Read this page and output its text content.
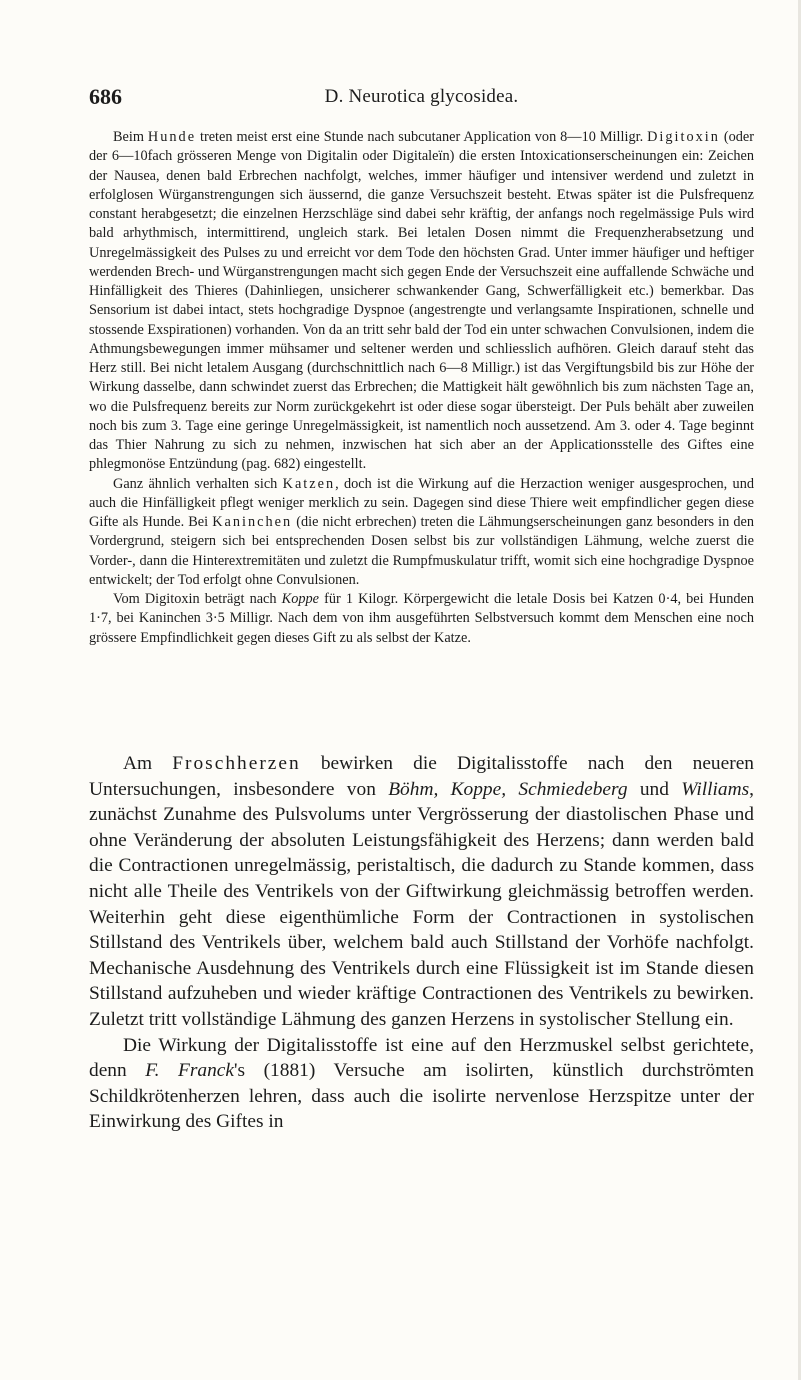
686	D. Neurotica glycosidea.

Beim Hunde treten meist erst eine Stunde nach subcutaner Application von 8—10 Milligr. Digitoxin (oder der 6—10fach grösseren Menge von Digitalin oder Digitaleïn) die ersten Intoxicationserscheinungen ein: Zeichen der Nausea, denen bald Erbrechen nachfolgt, welches, immer häufiger und intensiver werdend und zuletzt in erfolglosen Würganstrengungen sich äussernd, die ganze Versuchszeit besteht. Etwas später ist die Pulsfrequenz constant herabgesetzt; die einzelnen Herzschläge sind dabei sehr kräftig, der anfangs noch regelmässige Puls wird bald arhythmisch, intermittirend, ungleich stark. Bei letalen Dosen nimmt die Frequenzherabsetzung und Unregelmässigkeit des Pulses zu und erreicht vor dem Tode den höchsten Grad. Unter immer häufiger und heftiger werdenden Brech- und Würganstrengungen macht sich gegen Ende der Versuchszeit eine auffallende Schwäche und Hinfälligkeit des Thieres (Dahinliegen, unsicherer schwankender Gang, Schwerfälligkeit etc.) bemerkbar. Das Sensorium ist dabei intact, stets hochgradige Dyspnoe (angestrengte und verlangsamte Inspirationen, schnelle und stossende Exspirationen) vorhanden. Von da an tritt sehr bald der Tod ein unter schwachen Convulsionen, indem die Athmungsbewegungen immer mühsamer und seltener werden und schliesslich aufhören. Gleich darauf steht das Herz still. Bei nicht letalem Ausgang (durchschnittlich nach 6—8 Milligr.) ist das Vergiftungsbild bis zur Höhe der Wirkung dasselbe, dann schwindet zuerst das Erbrechen; die Mattigkeit hält gewöhnlich bis zum nächsten Tage an, wo die Pulsfrequenz bereits zur Norm zurückgekehrt ist oder diese sogar übersteigt. Der Puls behält aber zuweilen noch bis zum 3. Tage eine geringe Unregelmässigkeit, ist namentlich noch aussetzend. Am 3. oder 4. Tage beginnt das Thier Nahrung zu sich zu nehmen, inzwischen hat sich aber an der Applicationsstelle des Giftes eine phlegmonöse Entzündung (pag. 682) eingestellt.

Ganz ähnlich verhalten sich Katzen, doch ist die Wirkung auf die Herzaction weniger ausgesprochen, und auch die Hinfälligkeit pflegt weniger merklich zu sein. Dagegen sind diese Thiere weit empfindlicher gegen diese Gifte als Hunde. Bei Kaninchen (die nicht erbrechen) treten die Lähmungserscheinungen ganz besonders in den Vordergrund, steigern sich bei entsprechenden Dosen selbst bis zur vollständigen Lähmung, welche zuerst die Vorder-, dann die Hinterextremitäten und zuletzt die Rumpfmuskulatur trifft, womit sich eine hochgradige Dyspnoe entwickelt; der Tod erfolgt ohne Convulsionen.

Vom Digitoxin beträgt nach Koppe für 1 Kilogr. Körpergewicht die letale Dosis bei Katzen 0·4, bei Hunden 1·7, bei Kaninchen 3·5 Milligr. Nach dem von ihm ausgeführten Selbstversuch kommt dem Menschen eine noch grössere Empfindlichkeit gegen dieses Gift zu als selbst der Katze.

Am Froschherzen bewirken die Digitalisstoffe nach den neueren Untersuchungen, insbesondere von Böhm, Koppe, Schmiedeberg und Williams, zunächst Zunahme des Pulsvolums unter Vergrösserung der diastolischen Phase und ohne Veränderung der absoluten Leistungsfähigkeit des Herzens; dann werden bald die Contractionen unregelmässig, peristaltisch, die dadurch zu Stande kommen, dass nicht alle Theile des Ventrikels von der Giftwirkung gleichmässig betroffen werden. Weiterhin geht diese eigenthümliche Form der Contractionen in systolischen Stillstand des Ventrikels über, welchem bald auch Stillstand der Vorhöfe nachfolgt. Mechanische Ausdehnung des Ventrikels durch eine Flüssigkeit ist im Stande diesen Stillstand aufzuheben und wieder kräftige Contractionen des Ventrikels zu bewirken. Zuletzt tritt vollständige Lähmung des ganzen Herzens in systolischer Stellung ein.

Die Wirkung der Digitalisstoffe ist eine auf den Herzmuskel selbst gerichtete, denn F. Franck's (1881) Versuche am isolirten, künstlich durchströmten Schildkrötenherzen lehren, dass auch die isolirte nervenlose Herzspitze unter der Einwirkung des Giftes in
